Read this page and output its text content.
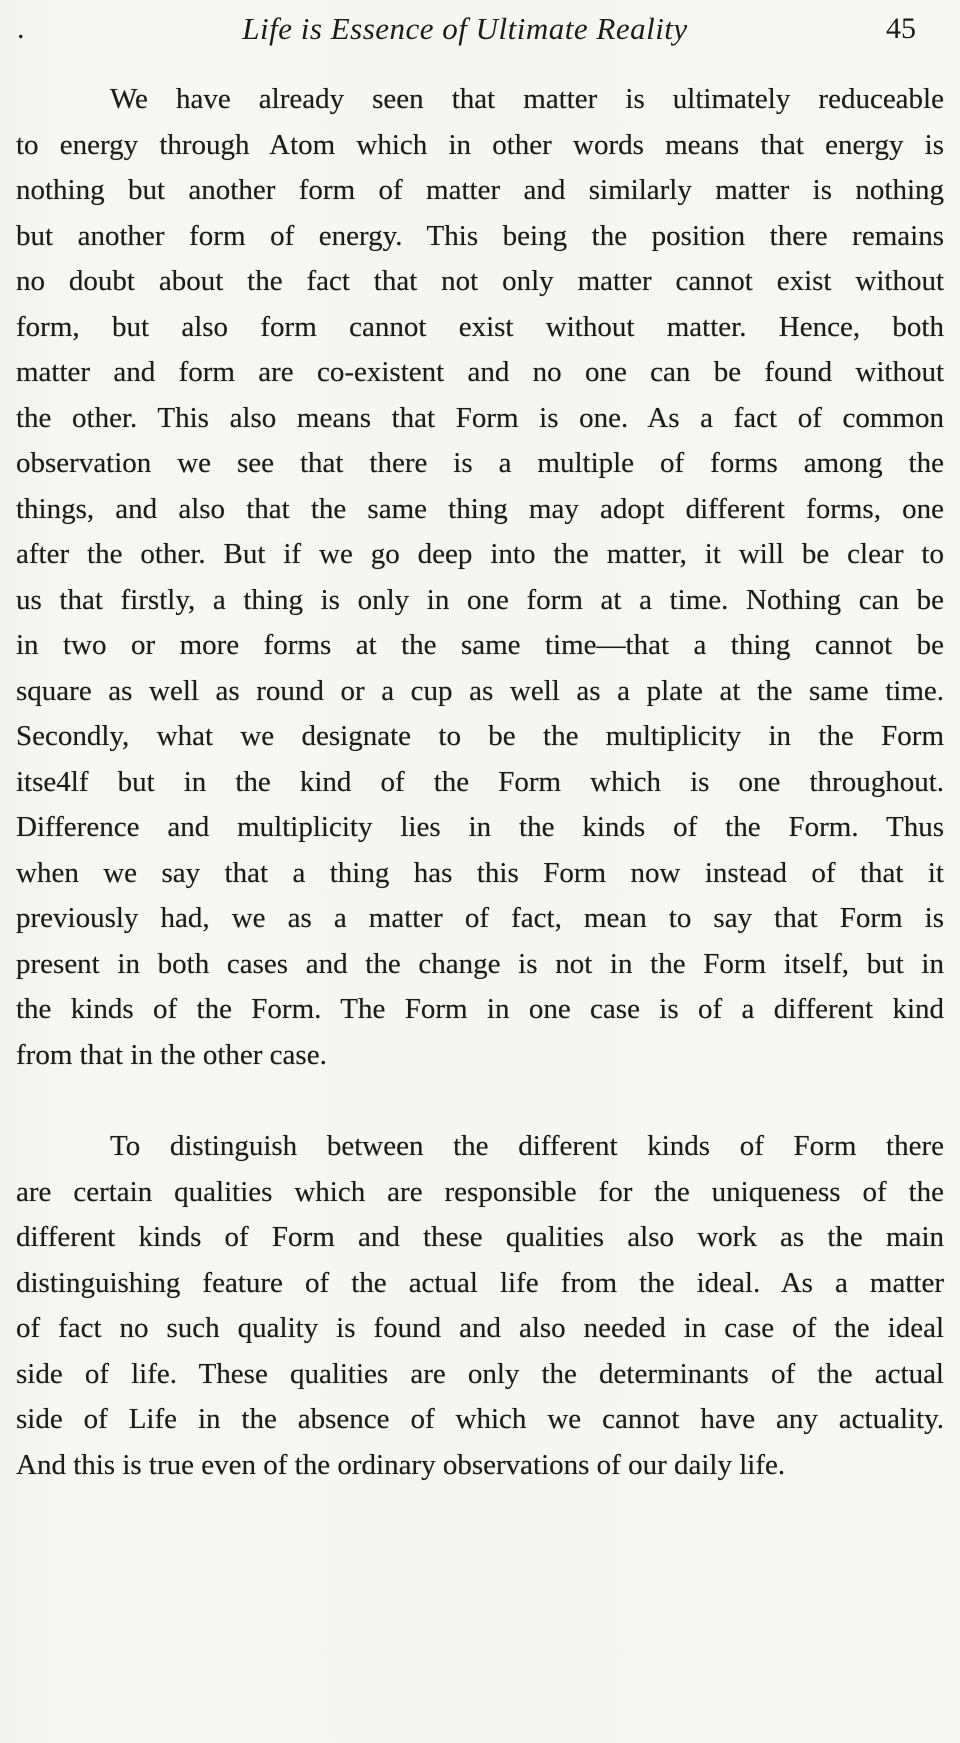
.	Life is Essence of Ultimate Reality	45
We have already seen that matter is ultimately reduceable
to energy through Atom which in other words means that energy is
nothing but another form of matter and similarly matter is nothing
but another form of energy. This being the position there remains
no doubt about the fact that not only matter cannot exist without
form, but also form cannot exist without matter. Hence, both
matter and form are co-existent and no one can be found without
the other. This also means that Form is one. As a fact of common
observation we see that there is a multiple of forms among the
things, and also that the same thing may adopt different forms, one
after the other. But if we go deep into the matter, it will be clear to
us that firstly, a thing is only in one form at a time. Nothing can be
in two or more forms at the same time—that a thing cannot be
square as well as round or a cup as well as a plate at the same time.
Secondly, what we designate to be the multiplicity in the Form
itse4lf but in the kind of the Form which is one throughout.
Difference and multiplicity lies in the kinds of the Form. Thus
when we say that a thing has this Form now instead of that it
previously had, we as a matter of fact, mean to say that Form is
present in both cases and the change is not in the Form itself, but in
the kinds of the Form. The Form in one case is of a different kind
from that in the other case.
To distinguish between the different kinds of Form there
are certain qualities which are responsible for the uniqueness of the
different kinds of Form and these qualities also work as the main
distinguishing feature of the actual life from the ideal. As a matter
of fact no such quality is found and also needed in case of the ideal
side of life. These qualities are only the determinants of the actual
side of Life in the absence of which we cannot have any actuality.
And this is true even of the ordinary observations of our daily life.
